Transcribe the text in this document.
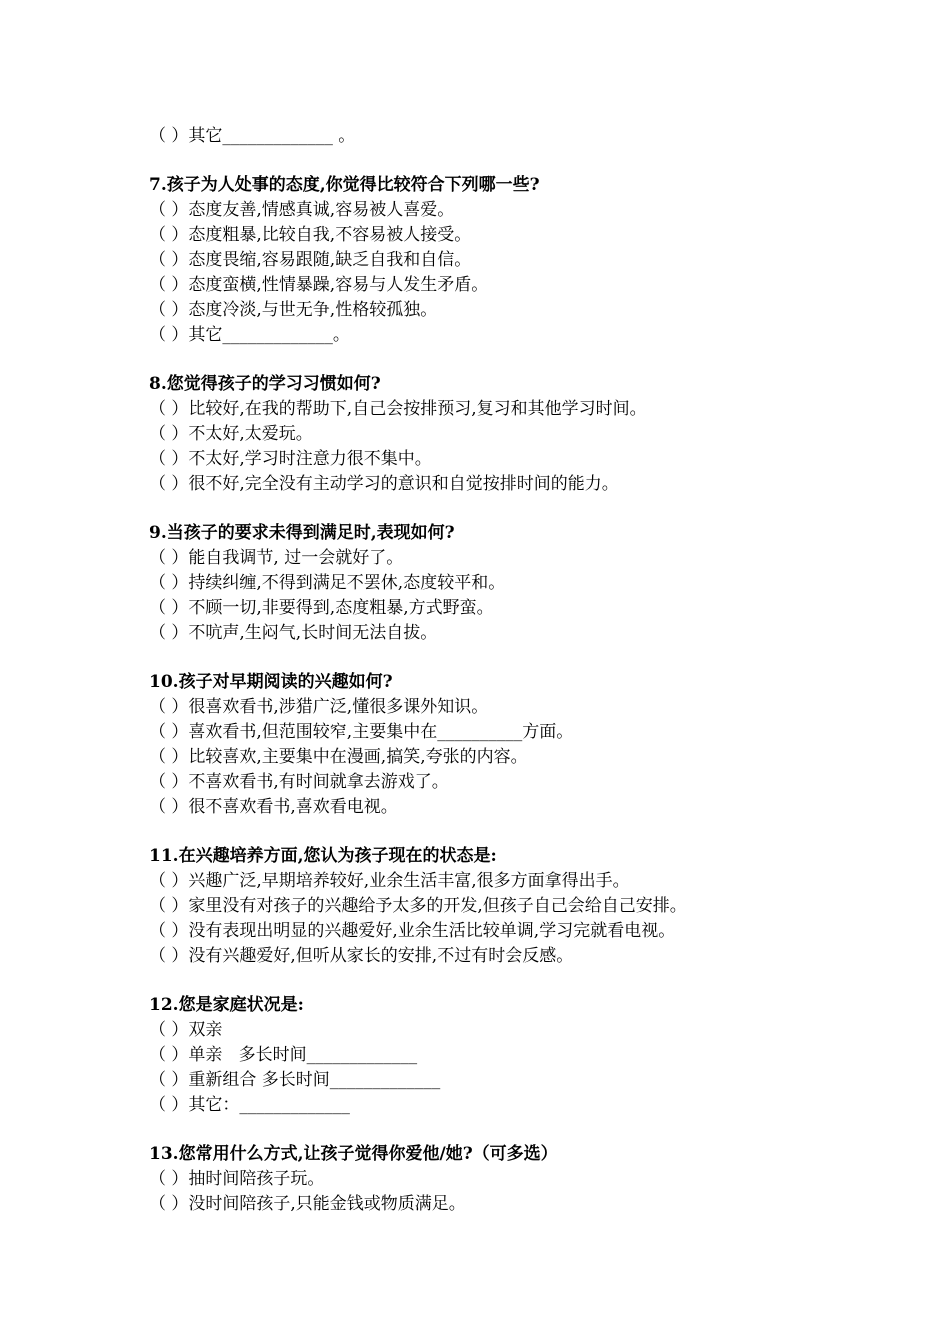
（ ）其它_____________ 。
7.孩子为人处事的态度,你觉得比较符合下列哪一些?
（ ）态度友善,情感真诚,容易被人喜爱。
（ ）态度粗暴,比较自我,不容易被人接受。
（ ）态度畏缩,容易跟随,缺乏自我和自信。
（ ）态度蛮横,性情暴躁,容易与人发生矛盾。
（ ）态度冷淡,与世无争,性格较孤独。
（ ）其它_____________。
8.您觉得孩子的学习习惯如何?
（ ）比较好,在我的帮助下,自己会按排预习,复习和其他学习时间。
（ ）不太好,太爱玩。
（ ）不太好,学习时注意力很不集中。
（ ）很不好,完全没有主动学习的意识和自觉按排时间的能力。
9.当孩子的要求未得到满足时,表现如何?
（ ）能自我调节, 过一会就好了。
（ ）持续纠缠,不得到满足不罢休,态度较平和。
（ ）不顾一切,非要得到,态度粗暴,方式野蛮。
（ ）不吭声,生闷气,长时间无法自拔。
10.孩子对早期阅读的兴趣如何?
（ ）很喜欢看书,涉猎广泛,懂很多课外知识。
（ ）喜欢看书,但范围较窄,主要集中在__________方面。
（ ）比较喜欢,主要集中在漫画,搞笑,夸张的内容。
（ ）不喜欢看书,有时间就拿去游戏了。
（ ）很不喜欢看书,喜欢看电视。
11.在兴趣培养方面,您认为孩子现在的状态是:
（ ）兴趣广泛,早期培养较好,业余生活丰富,很多方面拿得出手。
（ ）家里没有对孩子的兴趣给予太多的开发,但孩子自己会给自己安排。
（ ）没有表现出明显的兴趣爱好,业余生活比较单调,学习完就看电视。
（ ）没有兴趣爱好,但听从家长的安排,不过有时会反感。
12.您是家庭状况是:
（ ）双亲
（ ）单亲   多长时间_____________
（ ）重新组合 多长时间_____________
（ ）其它：_____________
13.您常用什么方式,让孩子觉得你爱他/她?（可多选）
（ ）抽时间陪孩子玩。
（ ）没时间陪孩子,只能金钱或物质满足。
